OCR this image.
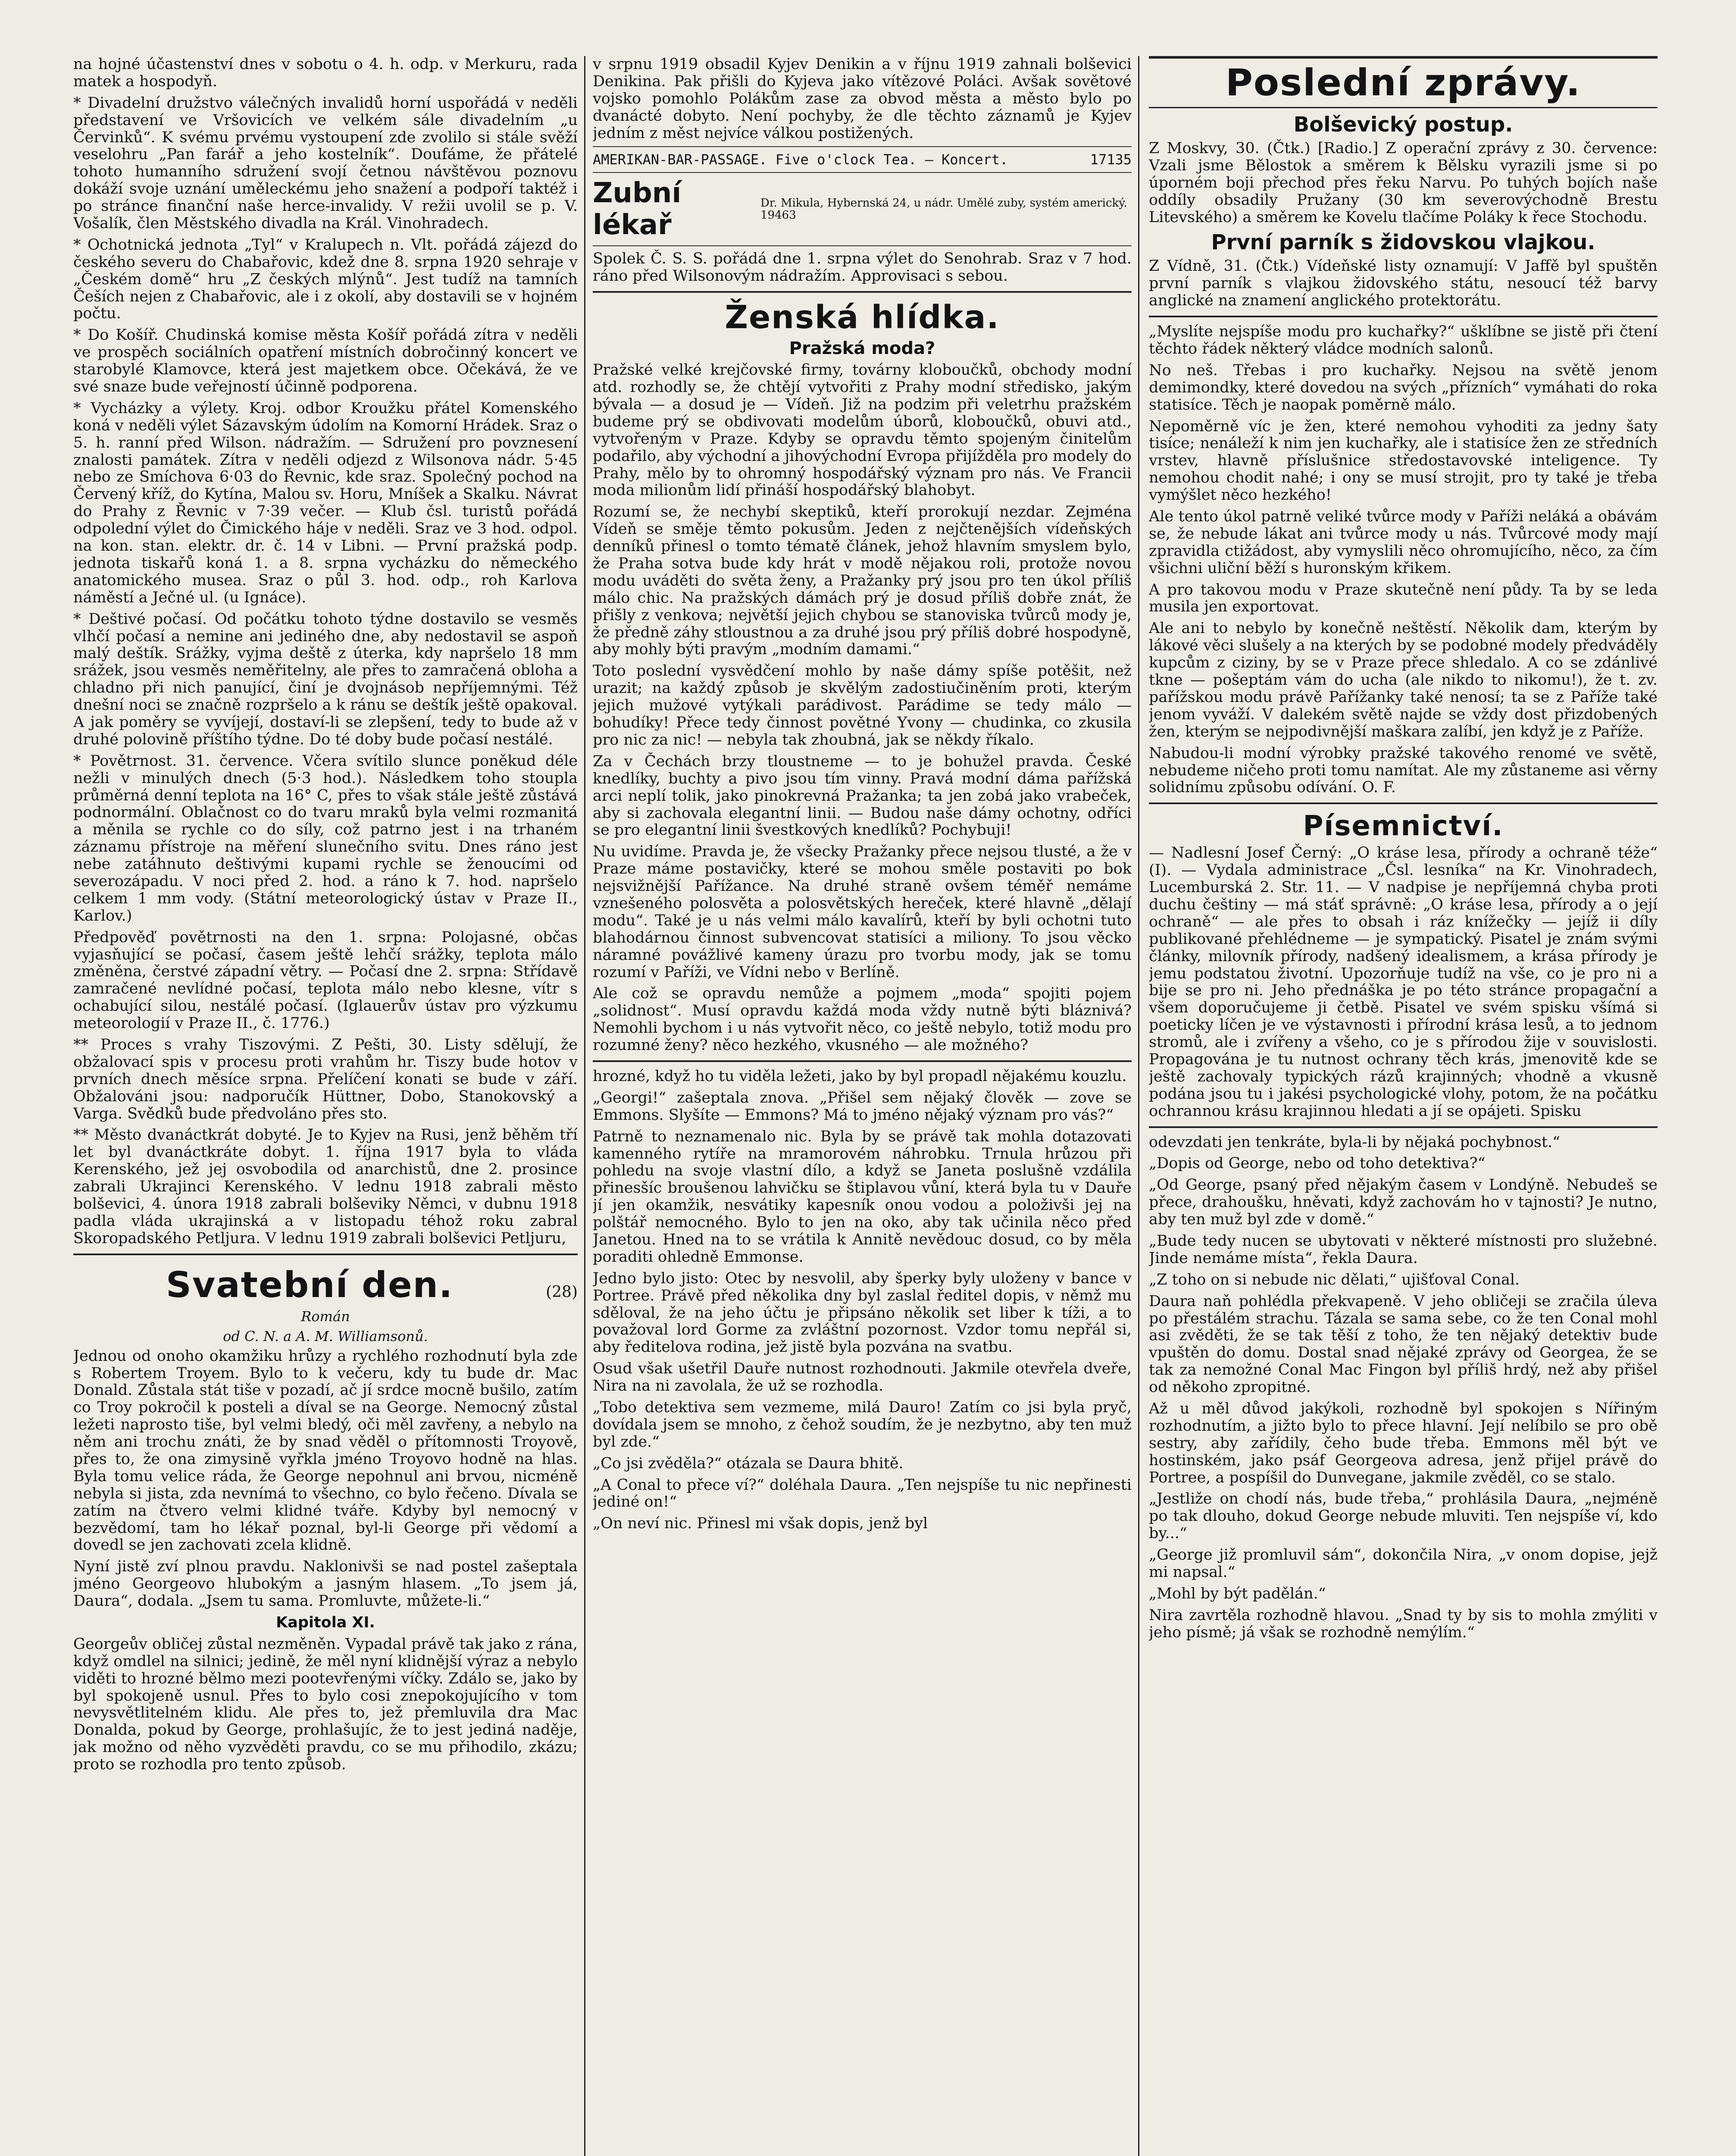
na hojné účastenství dnes v sobotu o 4. h. odp. v Merkuru, rada matek a hospodyň.

* Divadelní družstvo válečných invalidů horní uspořádá v neděli představení ve Vršovicích ve velkém sále divadelním „u Červinků“. K svému prvému vystoupení zde zvolilo si stále svěží veselohru „Pan farář a jeho kostelník“. Doufáme, že přátelé tohoto humanního sdružení svojí četnou návštěvou poznovu dokáží svoje uznání uměleckému jeho snažení a podpoří taktéž i po stránce finanční naše herce-invalidy. V režii uvolil se p. V. Vošalík, člen Městského divadla na Král. Vinohradech.

* Ochotnická jednota „Tyl“ v Kralupech n. Vlt. pořádá zájezd do českého severu do Chabařovic, kdež dne 8. srpna 1920 sehraje v „Českém domě“ hru „Z českých mlýnů“. Jest tudíž na tamních Češích nejen z Chabařovic, ale i z okolí, aby dostavili se v hojném počtu.

* Do Košíř. Chudinská komise města Košíř pořádá zítra v neděli ve prospěch sociálních opatření místních dobročinný koncert ve starobylé Klamovce, která jest majetkem obce. Očekává, že ve své snaze bude veřejností účinně podporena.

* Vycházky a výlety. Kroj. odbor Kroužku přátel Komenského koná v neděli výlet Sázavským údolím na Komorní Hrádek. Sraz o 5. h. ranní před Wilson. nádražím. — Sdružení pro povznesení znalosti památek. Zítra v neděli odjezd z Wilsonova nádr. 5·45 nebo ze Smíchova 6·03 do Řevnic, kde sraz. Společný pochod na Červený kříž, do Kytína, Malou sv. Horu, Mníšek a Skalku. Návrat do Prahy z Řevnic v 7·39 večer. — Klub čsl. turistů pořádá odpolední výlet do Čimického háje v neděli. Sraz ve 3 hod. odpol. na kon. stan. elektr. dr. č. 14 v Libni. — První pražská podp. jednota tiskařů koná 1. a 8. srpna vycházku do německého anatomického musea. Sraz o půl 3. hod. odp., roh Karlova náměstí a Ječné ul. (u Ignáce).

* Deštivé počasí. Od počátku tohoto týdne dostavilo se vesměs vlhčí počasí a nemine ani jediného dne, aby nedostavil se aspoň malý deštík. Srážky, vyjma deště z úterka, kdy napršelo 18 mm srážek, jsou vesměs neměřitelny, ale přes to zamračená obloha a chladno při nich panující, činí je dvojnásob nepříjemnými. Též dnešní noci se značně rozpršelo a k ránu se deštík ještě opakoval. A jak poměry se vyvíjejí, dostaví-li se zlepšení, tedy to bude až v druhé polovině příštího týdne. Do té doby bude počasí nestálé.

* Povětrnost. 31. července. Včera svítilo slunce poněkud déle nežli v minulých dnech (5·3 hod.). Následkem toho stoupla průměrná denní teplota na 16° C, přes to však stále ještě zůstává podnormální. Oblačnost co do tvaru mraků byla velmi rozmanitá a měnila se rychle co do síly, což patrno jest i na trhaném záznamu přístroje na měření slunečního svitu. Dnes ráno jest nebe zatáhnuto deštivými kupami rychle se ženoucími od severozápadu. V noci před 2. hod. a ráno k 7. hod. napršelo celkem 1 mm vody. (Státní meteorologický ústav v Praze II., Karlov.)

Předpověď povětrnosti na den 1. srpna: Polojasné, občas vyjasňující se počasí, časem ještě lehčí srážky, teplota málo změněna, čerstvé západní větry. — Počasí dne 2. srpna: Střídavě zamračené nevlídné počasí, teplota málo nebo klesne, vítr s ochabující silou, nestálé počasí. (Iglauerův ústav pro výzkumu meteorologií v Praze II., č. 1776.)

** Proces s vrahy Tiszovými. Z Pešti, 30. Listy sdělují, že obžalovací spis v procesu proti vrahům hr. Tiszy bude hotov v prvních dnech měsíce srpna. Přelíčení konati se bude v září. Obžalováni jsou: nadporučík Hüttner, Dobo, Stanokovský a Varga. Svědků bude předvoláno přes sto.

** Město dvanáctkrát dobyté. Je to Kyjev na Rusi, jenž běhěm tří let byl dvanáctkráte dobyt. 1. října 1917 byla to vláda Kerenského, jež jej osvobodila od anarchistů, dne 2. prosince zabrali Ukrajinci Kerenského. V lednu 1918 zabrali město bolševici, 4. února 1918 zabrali bolševiky Němci, v dubnu 1918 padla vláda ukrajinská a v listopadu téhož roku zabral Skoropadského Petljura. V lednu 1919 zabrali bolševici Petljuru,

Svatební den.	(28)
Román
od C. N. a A. M. Williamsonů.

Jednou od onoho okamžiku hrůzy a rychlého rozhodnutí byla zde s Robertem Troyem. Bylo to k večeru, kdy tu bude dr. Mac Donald. Zůstala stát tiše v pozadí, ač jí srdce mocně bušilo, zatím co Troy pokročil k posteli a díval se na George. Nemocný zůstal ležeti naprosto tiše, byl velmi bledý, oči měl zavřeny, a nebylo na něm ani trochu znáti, že by snad věděl o přítomnosti Troyově, přes to, že ona zimysině vyřkla jméno Troyovo hodně na hlas. Byla tomu velice ráda, že George nepohnul ani brvou, nicméně nebyla si jista, zda nevnímá to všechno, co bylo řečeno. Dívala se zatím na čtvero velmi klidné tváře. Kdyby byl nemocný v bezvědomí, tam ho lékař poznal, byl-li George při vědomí a dovedl se jen zachovati zcela klidně.

Nyní jistě zví plnou pravdu. Naklonivši se nad postel zašeptala jméno Georgeovo hlubokým a jasným hlasem. „To jsem já, Daura“, dodala. „Jsem tu sama. Promluvte, můžete-li.“

Kapitola XI.

Georgeův obličej zůstal nezměněn. Vypadal právě tak jako z rána, když omdlel na silnici; jedině, že měl nyní klidnější výraz a nebylo viděti to hrozné bělmo mezi pootevřenými víčky. Zdálo se, jako by byl spokojeně usnul. Přes to bylo cosi znepokojujícího v tom nevysvětlitelném klidu. Ale přes to, jež přemluvila dra Mac Donalda, pokud by George, prohlašujíc, že to jest jediná naděje, jak možno od něho vyzvěděti pravdu, co se mu přihodilo, zkázu; proto se rozhodla pro tento způsob.

v srpnu 1919 obsadil Kyjev Denikin a v říjnu 1919 zahnali bolševici Denikina. Pak přišli do Kyjeva jako vítězové Poláci. Avšak sovětové vojsko pomohlo Polákům zase za obvod města a město bylo po dvanácté dobyto. Není pochyby, že dle těchto záznamů je Kyjev jedním z měst nejvíce válkou postižených.

AMERIKAN-BAR-PASSAGE. Five o'clock Tea. — Koncert.	17135
Zubní lékař
Dr. Mikula, Hybernská 24, u nádr. Umělé zuby, systém americký. 19463

Spolek Č. S. S. pořádá dne 1. srpna výlet do Senohrab. Sraz v 7 hod. ráno před Wilsonovým nádražím. Approvisaci s sebou.

Ženská hlídka.
Pražská moda?

Pražské velké krejčovské firmy, továrny kloboučků, obchody modní atd. rozhodly se, že chtějí vytvořiti z Prahy modní středisko, jakým bývala — a dosud je — Vídeň. Již na podzim při veletrhu pražském budeme prý se obdivovati modelům úborů, kloboučků, obuvi atd., vytvořeným v Praze. Kdyby se opravdu těmto spojeným činitelům podařilo, aby východní a jihovýchodní Evropa přijížděla pro modely do Prahy, mělo by to ohromný hospodářský význam pro nás. Ve Francii moda milionům lidí přináší hospodářský blahobyt.

Rozumí se, že nechybí skeptiků, kteří prorokují nezdar. Zejména Vídeň se směje těmto pokusům. Jeden z nejčtenějších vídeňských denníků přinesl o tomto tématě článek, jehož hlavním smyslem bylo, že Praha sotva bude kdy hrát v modě nějakou roli, protože novou modu uváděti do světa ženy, a Pražanky prý jsou pro ten úkol příliš málo chic. Na pražských dámách prý je dosud příliš dobře znát, že přišly z venkova; největší jejich chybou se stanoviska tvůrců mody je, že předně záhy stloustnou a za druhé jsou prý příliš dobré hospodyně, aby mohly býti pravým „modním damami.“

Toto poslední vysvědčení mohlo by naše dámy spíše potěšit, než urazit; na každý způsob je skvělým zadostiučiněním proti, kterým jejich mužové vytýkali parádivost. Parádime se tedy málo — bohudíky! Přece tedy činnost povětné Yvony — chudinka, co zkusila pro nic za nic! — nebyla tak zhoubná, jak se někdy říkalo.

Za v Čechách brzy tloustneme — to je bohužel pravda. České knedlíky, buchty a pivo jsou tím vinny. Pravá modní dáma pařížská arci neplí tolik, jako pinokrevná Pražanka; ta jen zobá jako vrabeček, aby si zachovala elegantní linii. — Budou naše dámy ochotny, odříci se pro elegantní linii švestkových knedlíků? Pochybuji!

Nu uvidíme. Pravda je, že všecky Pražanky přece nejsou tlusté, a že v Praze máme postavičky, které se mohou směle postaviti po bok nejsvižnější Pařížance. Na druhé straně ovšem téměř nemáme vznešeného polosvěta a polosvětských hereček, které hlavně „dělají modu“. Také je u nás velmi málo kavalírů, kteří by byli ochotni tuto blahodárnou činnost subvencovat statisíci a miliony. To jsou věcko náramné povážlivé kameny úrazu pro tvorbu mody, jak se tomu rozumí v Paříži, ve Vídni nebo v Berlíně.

Ale což se opravdu nemůže a pojmem „moda“ spojiti pojem „solidnost“. Musí opravdu každá moda vždy nutně býti bláznivá? Nemohli bychom i u nás vytvořit něco, co ještě nebylo, totiž modu pro rozumné ženy? něco hezkého, vkusného — ale možného?

hrozné, když ho tu viděla ležeti, jako by byl propadl nějakému kouzlu.

„Georgi!“ zašeptala znova. „Přišel sem nějaký člověk — zove se Emmons. Slyšíte — Emmons? Má to jméno nějaký význam pro vás?“

Patrně to neznamenalo nic. Byla by se právě tak mohla dotazovati kamenného rytíře na mramorovém náhrobku. Trnula hrůzou při pohledu na svoje vlastní dílo, a když se Janeta poslušně vzdálila přinesšíc broušenou lahvičku se štiplavou vůní, která byla tu v Dauře jí jen okamžik, nesvátiky kapesník onou vodou a položivši jej na polštář nemocného. Bylo to jen na oko, aby tak učinila něco před Janetou. Hned na to se vrátila k Annitě nevědouc dosud, co by měla poraditi ohledně Emmonse.

Jedno bylo jisto: Otec by nesvolil, aby šperky byly uloženy v bance v Portree. Právě před několika dny byl zaslal ředitel dopis, v němž mu sděloval, že na jeho účtu je připsáno několik set liber k tíži, a to považoval lord Gorme za zvláštní pozornost. Vzdor tomu nepřál si, aby ředitelova rodina, jež jistě byla pozvána na svatbu.

Osud však ušetřil Dauře nutnost rozhodnouti. Jakmile otevřela dveře, Nira na ni zavolala, že už se rozhodla.

„Tobo detektiva sem vezmeme, milá Dauro! Zatím co jsi byla pryč, dovídala jsem se mnoho, z čehož soudím, že je nezbytno, aby ten muž byl zde.“

„Co jsi zvěděla?“ otázala se Daura bhitě.

„A Conal to přece ví?“ doléhala Daura. „Ten nejspíše tu nic nepřinesti jediné on!“

„On neví nic. Přinesl mi však dopis, jenž byl

Poslední zprávy.
Bolševický postup.

Z Moskvy, 30. (Čtk.) [Radio.] Z operační zprávy z 30. července: Vzali jsme Bělostok a směrem k Bělsku vyrazili jsme si po úporném boji přechod přes řeku Narvu. Po tuhých bojích naše oddíly obsadily Pružany (30 km severovýchodně Brestu Litevského) a směrem ke Kovelu tlačíme Poláky k řece Stochodu.

První parník s židovskou vlajkou.

Z Vídně, 31. (Čtk.) Vídeňské listy oznamují: V Jaffě byl spuštěn první parník s vlajkou židovského státu, nesoucí též barvy anglické na znamení anglického protektorátu.

„Myslíte nejspíše modu pro kuchařky?“ ušklíbne se jistě při čtení těchto řádek některý vládce modních salonů.

No neš. Třebas i pro kuchařky. Nejsou na světě jenom demimondky, které dovedou na svých „přízních“ vymáhati do roka statisíce. Těch je naopak poměrně málo.

Nepoměrně víc je žen, které nemohou vyhoditi za jedny šaty tisíce; nenáleží k nim jen kuchařky, ale i statisíce žen ze středních vrstev, hlavně příslušnice středostavovské inteligence. Ty nemohou chodit nahé; i ony se musí strojit, pro ty také je třeba vymýšlet něco hezkého!

Ale tento úkol patrně veliké tvůrce mody v Paříži neláká a obávám se, že nebude lákat ani tvůrce mody u nás. Tvůrcové mody mají zpravidla ctižádost, aby vymyslili něco ohromujícího, něco, za čím všichni uliční běží s huronským křikem.

A pro takovou modu v Praze skutečně není půdy. Ta by se leda musila jen exportovat.

Ale ani to nebylo by konečně neštěstí. Několik dam, kterým by lákové věci slušely a na kterých by se podobné modely předváděly kupcům z ciziny, by se v Praze přece shledalo. A co se zdánlivé tkne — pošeptám vám do ucha (ale nikdo to nikomu!), že t. zv. pařížskou modu právě Pařížanky také nenosí; ta se z Paříže také jenom vyváží. V dalekém světě najde se vždy dost přizdobených žen, kterým se nejpodivnější maškara zalíbí, jen když je z Paříže.

Nabudou-li modní výrobky pražské takového renomé ve světě, nebudeme ničeho proti tomu namítat. Ale my zůstaneme asi věrny solidnímu způsobu odívání. O. F.

Písemnictví.

— Nadlesní Josef Černý: „O kráse lesa, přírody a ochraně téže“ (I). — Vydala administrace „Čsl. lesníka“ na Kr. Vinohradech, Lucemburská 2. Str. 11. — V nadpise je nepříjemná chyba proti duchu češtiny — má stáť správně: „O kráse lesa, přírody a o její ochraně“ — ale přes to obsah i ráz knížečky — jejíž ii díly publikované přehlédneme — je sympatický. Pisatel je znám svými články, milovník přírody, nadšený idealismem, a krása přírody je jemu podstatou životní. Upozorňuje tudíž na vše, co je pro ni a bije se pro ni. Jeho přednáška je po této stránce propagační a všem doporučujeme ji četbě. Pisatel ve svém spisku všímá si poeticky líčen je ve výstavnosti i přírodní krása lesů, a to jednom stromů, ale i zvířeny a všeho, co je s přírodou žije v souvislosti. Propagována je tu nutnost ochrany těch krás, jmenovitě kde se ještě zachovaly typických rázů krajinných; vhodně a vkusně podána jsou tu i jakési psychologické vlohy, potom, že na počátku ochrannou krásu krajinnou hledati a jí se opájeti. Spisku

odevzdati jen tenkráte, byla-li by nějaká pochybnost.“

„Dopis od George, nebo od toho detektiva?“

„Od George, psaný před nějakým časem v Londýně. Nebudeš se přece, drahoušku, hněvati, když zachovám ho v tajnosti? Je nutno, aby ten muž byl zde v domě.“

„Bude tedy nucen se ubytovati v některé místnosti pro služebné. Jinde nemáme místa“, řekla Daura.

„Z toho on si nebude nic dělati,“ ujišťoval Conal.

Daura naň pohlédla překvapeně. V jeho obličeji se zračila úleva po přestálém strachu. Tázala se sama sebe, co že ten Conal mohl asi zvěděti, že se tak těší z toho, že ten nějaký detektiv bude vpuštěn do domu. Dostal snad nějaké zprávy od Georgea, že se tak za nemožné Conal Mac Fingon byl příliš hrdý, než aby přišel od někoho zpropitné.

Až u měl důvod jakýkoli, rozhodně byl spokojen s Nířiným rozhodnutím, a jižto bylo to přece hlavní. Její nelíbilo se pro obě sestry, aby zařídily, čeho bude třeba. Emmons měl být ve hostinském, jako psáf Georgeova adresa, jenž přijel právě do Portree, a pospíšil do Dunvegane, jakmile zvěděl, co se stalo.

„Jestliže on chodí nás, bude třeba,“ prohlásila Daura, „nejméně po tak dlouho, dokud George nebude mluviti. Ten nejspíše ví, kdo by...“

„George již promluvil sám“, dokončila Nira, „v onom dopise, jejž mi napsal.“

„Mohl by být padělán.“

Nira zavrtěla rozhodně hlavou. „Snad ty by sis to mohla zmýliti v jeho písmě; já však se rozhodně nemýlím.“
